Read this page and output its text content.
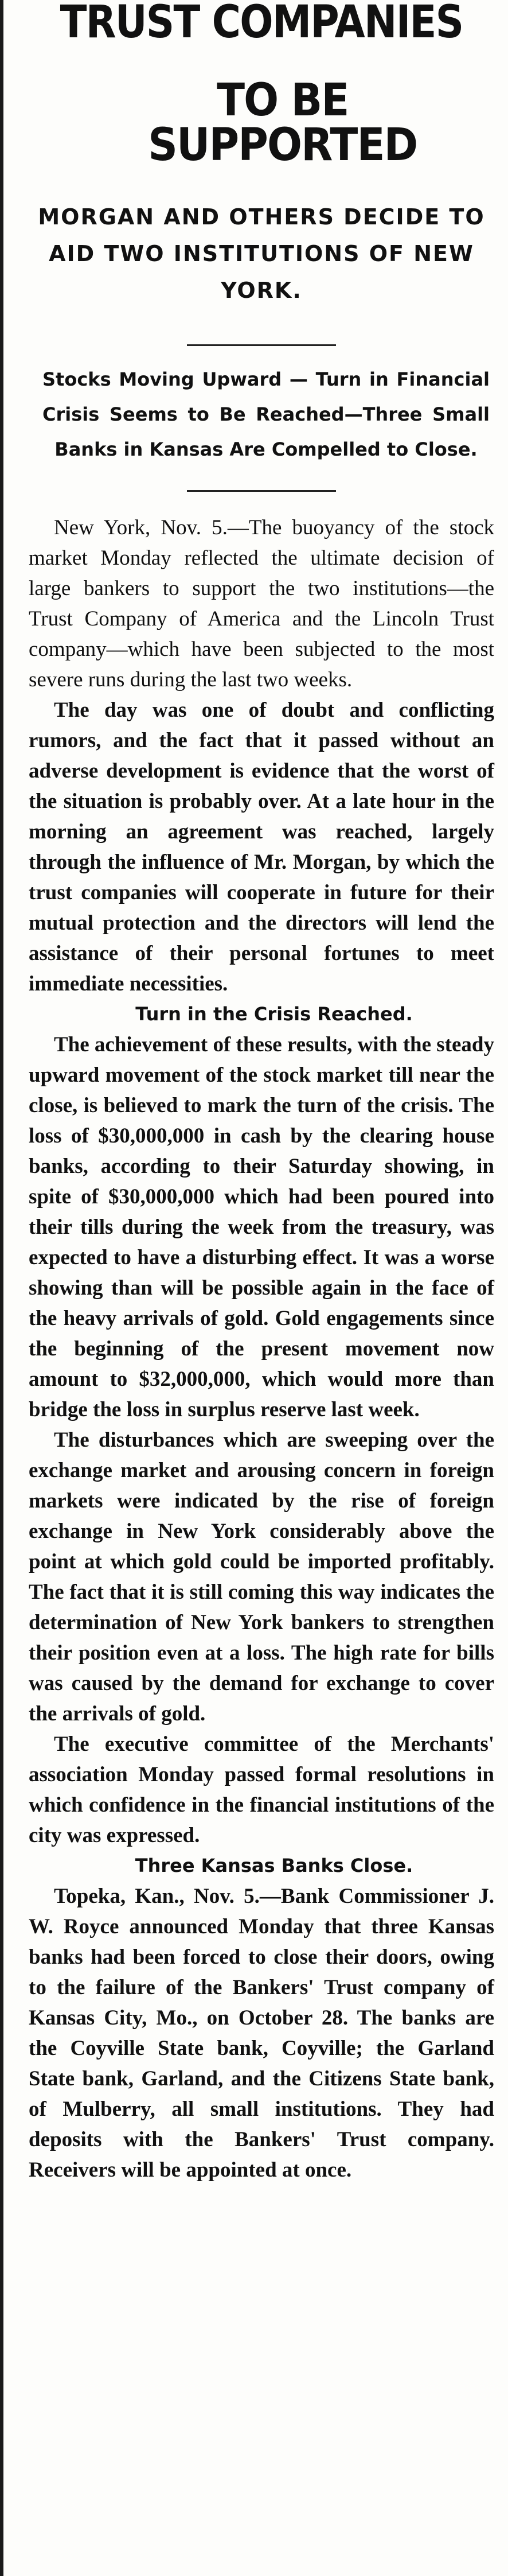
TRUST COMPANIES
TO BE SUPPORTED
MORGAN AND OTHERS DECIDE TO AID TWO INSTITUTIONS OF NEW YORK.
Stocks Moving Upward — Turn in Financial Crisis Seems to Be Reached—Three Small Banks in Kansas Are Compelled to Close.

New York, Nov. 5.—The buoyancy of the stock market Monday reflected the ultimate decision of large bankers to support the two institutions—the Trust Company of America and the Lincoln Trust company—which have been subjected to the most severe runs during the last two weeks.

The day was one of doubt and conflicting rumors, and the fact that it passed without an adverse development is evidence that the worst of the situation is probably over. At a late hour in the morning an agreement was reached, largely through the influence of Mr. Morgan, by which the trust companies will cooperate in future for their mutual protection and the directors will lend the assistance of their personal fortunes to meet immediate necessities.

Turn in the Crisis Reached.

The achievement of these results, with the steady upward movement of the stock market till near the close, is believed to mark the turn of the crisis. The loss of $30,000,000 in cash by the clearing house banks, according to their Saturday showing, in spite of $30,000,000 which had been poured into their tills during the week from the treasury, was expected to have a disturbing effect. It was a worse showing than will be possible again in the face of the heavy arrivals of gold. Gold engagements since the beginning of the present movement now amount to $32,000,000, which would more than bridge the loss in surplus reserve last week.

The disturbances which are sweeping over the exchange market and arousing concern in foreign markets were indicated by the rise of foreign exchange in New York considerably above the point at which gold could be imported profitably. The fact that it is still coming this way indicates the determination of New York bankers to strengthen their position even at a loss. The high rate for bills was caused by the demand for exchange to cover the arrivals of gold.

The executive committee of the Merchants' association Monday passed formal resolutions in which confidence in the financial institutions of the city was expressed.

Three Kansas Banks Close.

Topeka, Kan., Nov. 5.—Bank Commissioner J. W. Royce announced Monday that three Kansas banks had been forced to close their doors, owing to the failure of the Bankers' Trust company of Kansas City, Mo., on October 28. The banks are the Coyville State bank, Coyville; the Garland State bank, Garland, and the Citizens State bank, of Mulberry, all small institutions. They had deposits with the Bankers' Trust company. Receivers will be appointed at once.
